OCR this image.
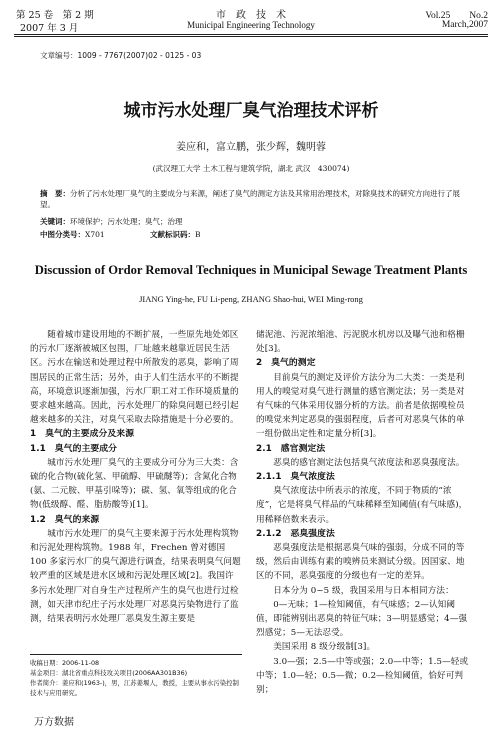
第 25 卷　第 2 期
2007 年 3 月
市　政　技　术
Municipal Engineering Technology
Vol.25　　No.2
March,2007
文章编号：1009 - 7767(2007)02 - 0125 - 03
城市污水处理厂臭气治理技术评析
姜应和，富立鹏，张少辉，魏明蓉
(武汉理工大学 土木工程与建筑学院，湖北 武汉　430074)
摘　要：分析了污水处理厂臭气的主要成分与来源，阐述了臭气的测定方法及其常用治理技术，对除臭技术的研究方向进行了展望。
关键词：环境保护；污水处理；臭气；治理
中图分类号：X701	文献标识码：B
Discussion of Ordor Removal Techniques in Municipal Sewage Treatment Plants
JIANG Ying-he, FU Li-peng, ZHANG Shao-hui, WEI Ming-rong

随着城市建设用地的不断扩展，一些原先地处郊区的污水厂逐渐被城区包围，厂址越来越靠近居民生活区。污水在输送和处理过程中所散发的恶臭，影响了周围居民的正常生活；另外，由于人们生活水平的不断提高，环境意识逐渐加强，污水厂职工对工作环境质量的要求越来越高。因此，污水处理厂的除臭问题已经引起越来越多的关注，对臭气采取去除措施是十分必要的。

1　臭气的主要成分及来源

1.1　臭气的主要成分

城市污水处理厂臭气的主要成分可分为三大类：含硫的化合物(硫化氢、甲硫醇、甲硫醚等)；含氮化合物(氨、二元胺、甲基引哚等)；碳、氢、氧等组成的化合物(低级醇、醛、脂肪酸等)[1]。

1.2　臭气的来源

城市污水处理厂的臭气主要来源于污水处理构筑物和污泥处理构筑物。1988 年，Frechen 曾对德国 100 多家污水厂的臭气源进行调查，结果表明臭气问题较严重的区域是进水区域和污泥处理区域[2]。我国许多污水处理厂对自身生产过程所产生的臭气也进行过检测，如天津市纪庄子污水处理厂对恶臭污染物进行了监测，结果表明污水处理厂恶臭发生源主要是

储泥池、污泥浓缩池、污泥脱水机房以及曝气池和格栅处[3]。

2　臭气的测定

目前臭气的测定及评价方法分为二大类：一类是利用人的嗅觉对臭气进行测量的感官测定法；另一类是对有气味的气体采用仪器分析的方法。前者是依据嗅检员的嗅觉来判定恶臭的强弱程度，后者可对恶臭气体的单一组份做出定性和定量分析[3]。

2.1　感官测定法

恶臭的感官测定法包括臭气浓度法和恶臭强度法。

2.1.1　臭气浓度法

臭气浓度法中所表示的浓度，不同于物质的“浓度”，它是将臭气样品的气味稀释至知阈值(有气味感)，用稀释倍数来表示。

2.1.2　恶臭强度法

恶臭强度法是根据恶臭气味的强弱，分成不同的等级，然后由训练有素的嗅辨员来测试分级。因国家、地区的不同，恶臭强度的分级也有一定的差异。

日本分为 0~5 级，我国采用与日本相同方法：

0—无味；1—检知阈值，有气味感；2—认知阈值，即能辨别出恶臭的特征气味；3—明显感觉；4—强烈感觉；5—无法忍受。

美国采用 8 级分级制[3]。

3.0—强；2.5—中等或强；2.0—中等；1.5—轻或中等；1.0—轻；0.5—微；0.2—检知阈值，恰好可判别；

收稿日期：2006-11-08
基金项目：湖北省重点科技攻关项目(2006AA301B36)
作者简介：姜应和(1963-)，男，江苏姜堰人，教授，主要从事水污染控制技术与应用研究。
万方数据
